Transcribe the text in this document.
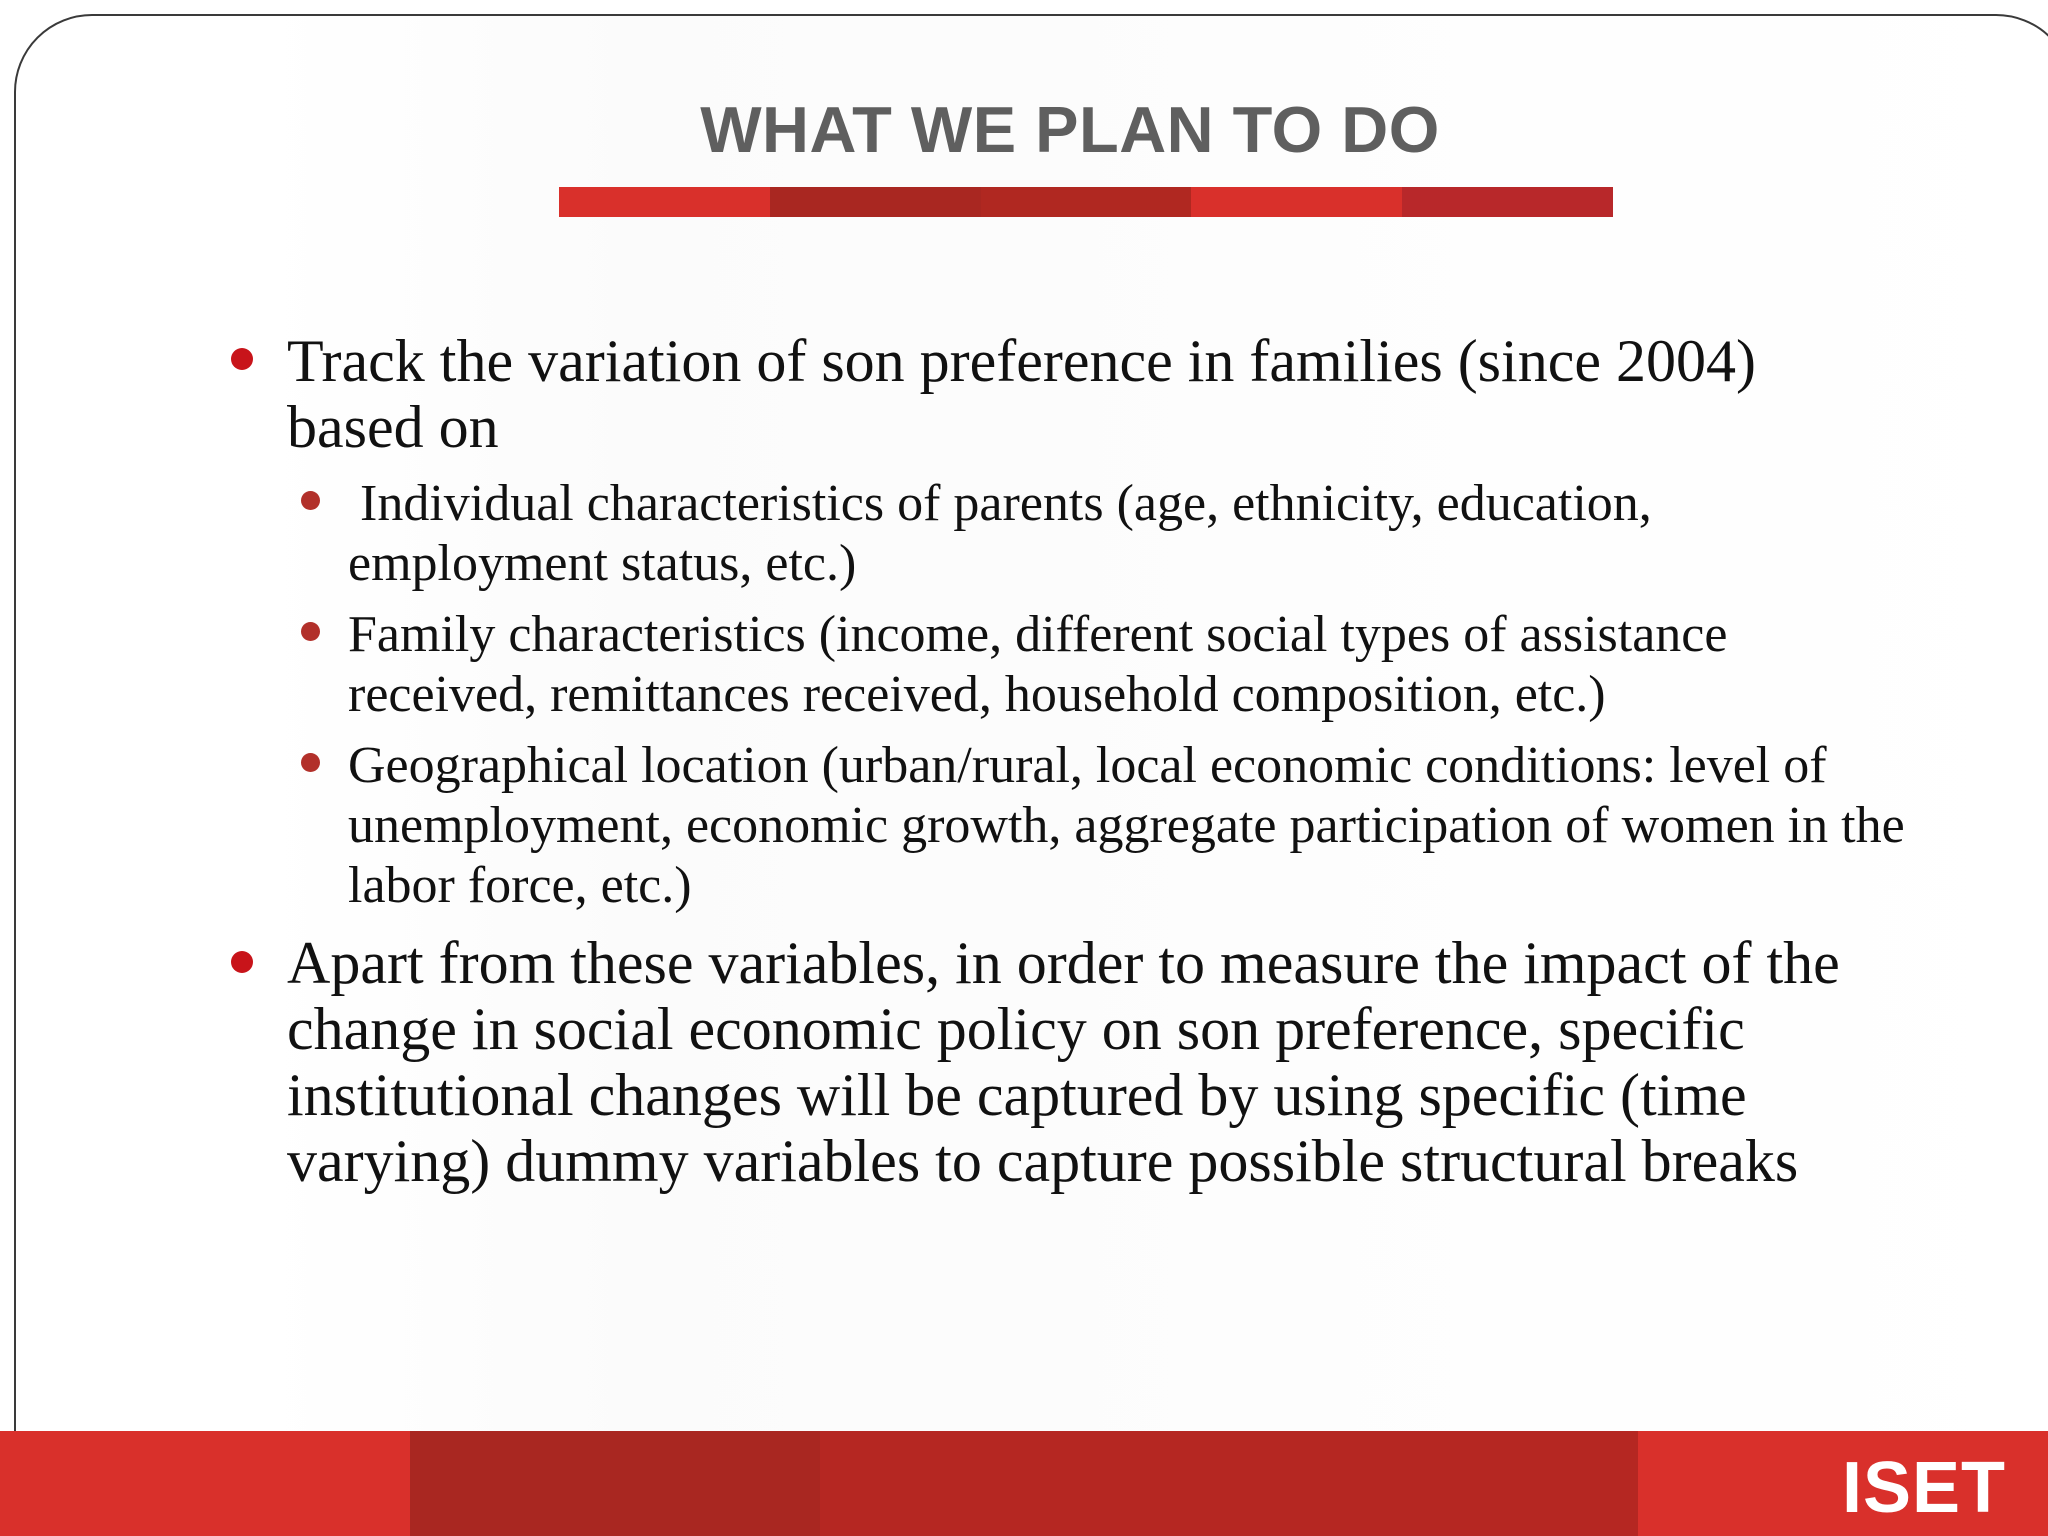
WHAT WE PLAN TO DO
Track the variation of son preference in families (since 2004) based on
Individual characteristics of parents (age, ethnicity, education, employment status, etc.)
Family characteristics (income, different social types of assistance received, remittances received, household composition, etc.)
Geographical location (urban/rural, local economic conditions: level of unemployment, economic growth, aggregate participation of women in the labor force, etc.)
Apart from these variables, in order to measure the impact of the change in social economic policy on son preference, specific institutional changes will be captured by using specific (time varying) dummy variables to capture possible structural breaks
ISET
